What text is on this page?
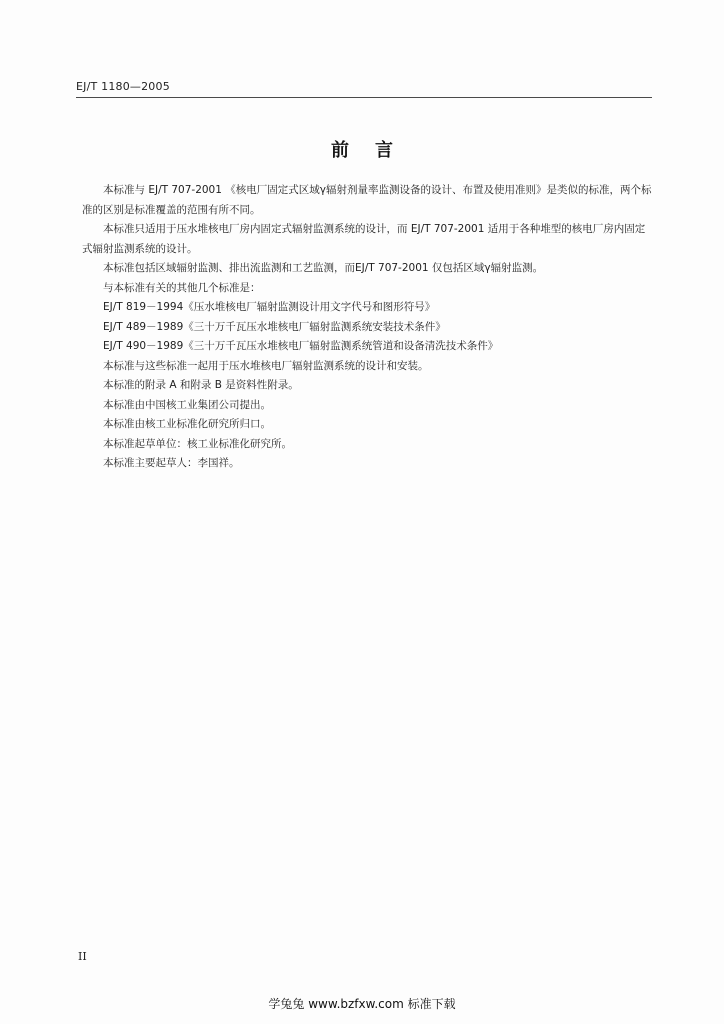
EJ/T 1180—2005
前言

本标准与 EJ/T 707-2001 《核电厂固定式区域γ辐射剂量率监测设备的设计、布置及使用准则》是类似的标准，两个标准的区别是标准覆盖的范围有所不同。

本标准只适用于压水堆核电厂房内固定式辐射监测系统的设计，而 EJ/T 707-2001 适用于各种堆型的核电厂房内固定式辐射监测系统的设计。

本标准包括区域辐射监测、排出流监测和工艺监测，而EJ/T 707-2001 仅包括区域γ辐射监测。

与本标准有关的其他几个标准是：

EJ/T 819－1994《压水堆核电厂辐射监测设计用文字代号和图形符号》

EJ/T 489－1989《三十万千瓦压水堆核电厂辐射监测系统安装技术条件》

EJ/T 490－1989《三十万千瓦压水堆核电厂辐射监测系统管道和设备清洗技术条件》

本标准与这些标准一起用于压水堆核电厂辐射监测系统的设计和安装。

本标准的附录 A 和附录 B 是资料性附录。

本标准由中国核工业集团公司提出。

本标准由核工业标准化研究所归口。

本标准起草单位：核工业标准化研究所。

本标准主要起草人：李国祥。

II
学兔兔 www.bzfxw.com 标准下载
